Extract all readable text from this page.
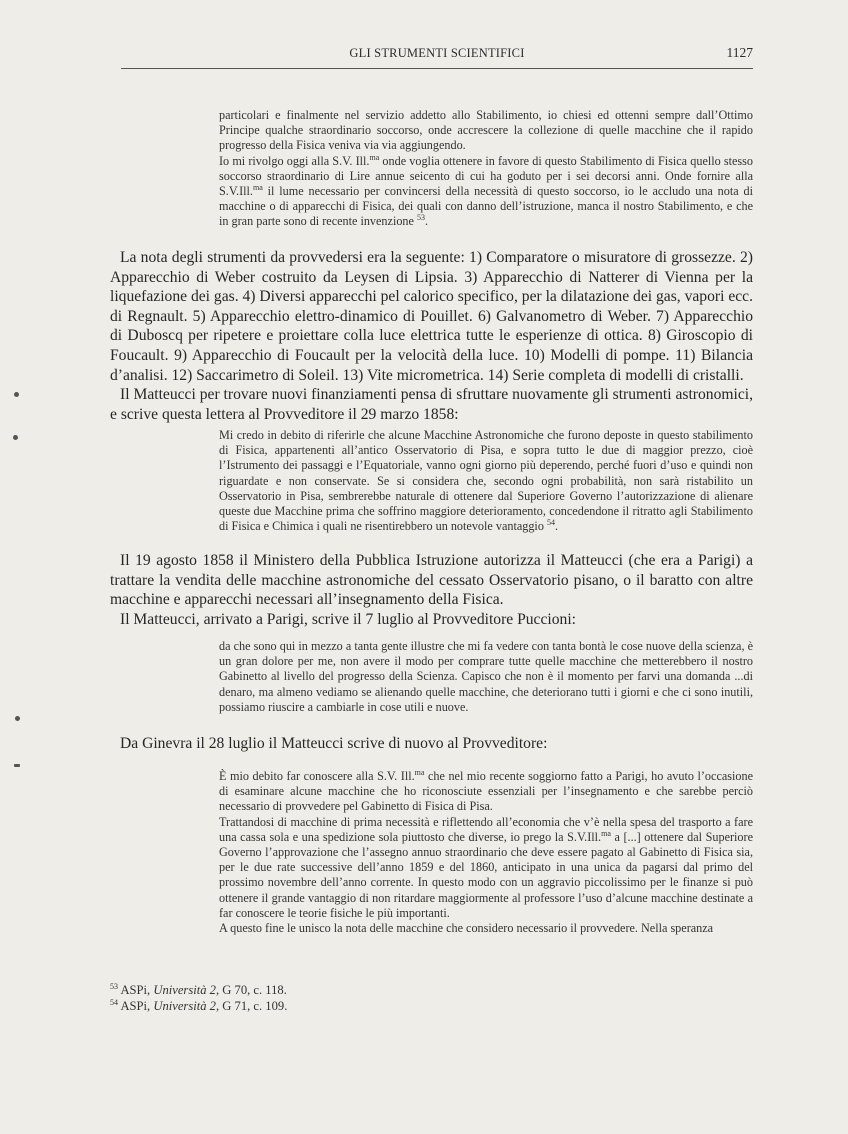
GLI STRUMENTI SCIENTIFICI	1127

particolari e finalmente nel servizio addetto allo Stabilimento, io chiesi ed ottenni sempre dall’Ottimo Principe qualche straordinario soccorso, onde accrescere la collezione di quelle macchine che il rapido progresso della Fisica veniva via via aggiungendo.

Io mi rivolgo oggi alla S.V. Ill.$^{ma}$ onde voglia ottenere in favore di questo Stabilimento di Fisica quello stesso soccorso straordinario di Lire annue seicento di cui ha goduto per i sei decorsi anni. Onde fornire alla S.V.Ill.$^{ma}$ il lume necessario per convincersi della necessità di questo soccorso, io le accludo una nota di macchine o di apparecchi di Fisica, dei quali con danno dell’istruzione, manca il nostro Stabilimento, e che in gran parte sono di recente invenzione $^{53}$.

La nota degli strumenti da provvedersi era la seguente: 1) Comparatore o misuratore di grossezze. 2) Apparecchio di Weber costruito da Leysen di Lipsia. 3) Apparecchio di Natterer di Vienna per la liquefazione dei gas. 4) Diversi apparecchi pel calorico specifico, per la dilatazione dei gas, vapori ecc. di Regnault. 5) Apparecchio elettro-dinamico di Pouillet. 6) Galvanometro di Weber. 7) Apparecchio di Duboscq per ripetere e proiettare colla luce elettrica tutte le esperienze di ottica. 8) Giroscopio di Foucault. 9) Apparecchio di Foucault per la velocità della luce. 10) Modelli di pompe. 11) Bilancia d’analisi. 12) Saccarimetro di Soleil. 13) Vite micrometrica. 14) Serie completa di modelli di cristalli.

Il Matteucci per trovare nuovi finanziamenti pensa di sfruttare nuovamente gli strumenti astronomici, e scrive questa lettera al Provveditore il 29 marzo 1858:

Mi credo in debito di riferirle che alcune Macchine Astronomiche che furono deposte in questo stabilimento di Fisica, appartenenti all’antico Osservatorio di Pisa, e sopra tutto le due di maggior prezzo, cioè l’Istrumento dei passaggi e l’Equatoriale, vanno ogni giorno più deperendo, perché fuori d’uso e quindi non riguardate e non conservate. Se si considera che, secondo ogni probabilità, non sarà ristabilito un Osservatorio in Pisa, sembrerebbe naturale di ottenere dal Superiore Governo l’autorizzazione di alienare queste due Macchine prima che soffrino maggiore deterioramento, concedendone il ritratto agli Stabilimento di Fisica e Chimica i quali ne risentirebbero un notevole vantaggio $^{54}$.

Il 19 agosto 1858 il Ministero della Pubblica Istruzione autorizza il Matteucci (che era a Parigi) a trattare la vendita delle macchine astronomiche del cessato Osservatorio pisano, o il baratto con altre macchine e apparecchi necessari all’insegnamento della Fisica.

Il Matteucci, arrivato a Parigi, scrive il 7 luglio al Provveditore Puccioni:

da che sono qui in mezzo a tanta gente illustre che mi fa vedere con tanta bontà le cose nuove della scienza, è un gran dolore per me, non avere il modo per comprare tutte quelle macchine che metterebbero il nostro Gabinetto al livello del progresso della Scienza. Capisco che non è il momento per farvi una domanda ...di denaro, ma almeno vediamo se alienando quelle macchine, che deteriorano tutti i giorni e che ci sono inutili, possiamo riuscire a cambiarle in cose utili e nuove.

Da Ginevra il 28 luglio il Matteucci scrive di nuovo al Provveditore:

È mio debito far conoscere alla S.V. Ill.$^{ma}$ che nel mio recente soggiorno fatto a Parigi, ho avuto l’occasione di esaminare alcune macchine che ho riconosciute essenziali per l’insegnamento e che sarebbe perciò necessario di provvedere pel Gabinetto di Fisica di Pisa.

Trattandosi di macchine di prima necessità e riflettendo all’economia che v’è nella spesa del trasporto a fare una cassa sola e una spedizione sola piuttosto che diverse, io prego la S.V.Ill.$^{ma}$ a [...] ottenere dal Superiore Governo l’approvazione che l’assegno annuo straordinario che deve essere pagato al Gabinetto di Fisica sia, per le due rate successive dell’anno 1859 e del 1860, anticipato in una unica da pagarsi dal primo del prossimo novembre dell’anno corrente. In questo modo con un aggravio piccolissimo per le finanze si può ottenere il grande vantaggio di non ritardare maggiormente al professore l’uso d’alcune macchine destinate a far conoscere le teorie fisiche le più importanti.

A questo fine le unisco la nota delle macchine che considero necessario il provvedere. Nella speranza

$^{53}$ ASPi, Università 2, G 70, c. 118.
$^{54}$ ASPi, Università 2, G 71, c. 109.
